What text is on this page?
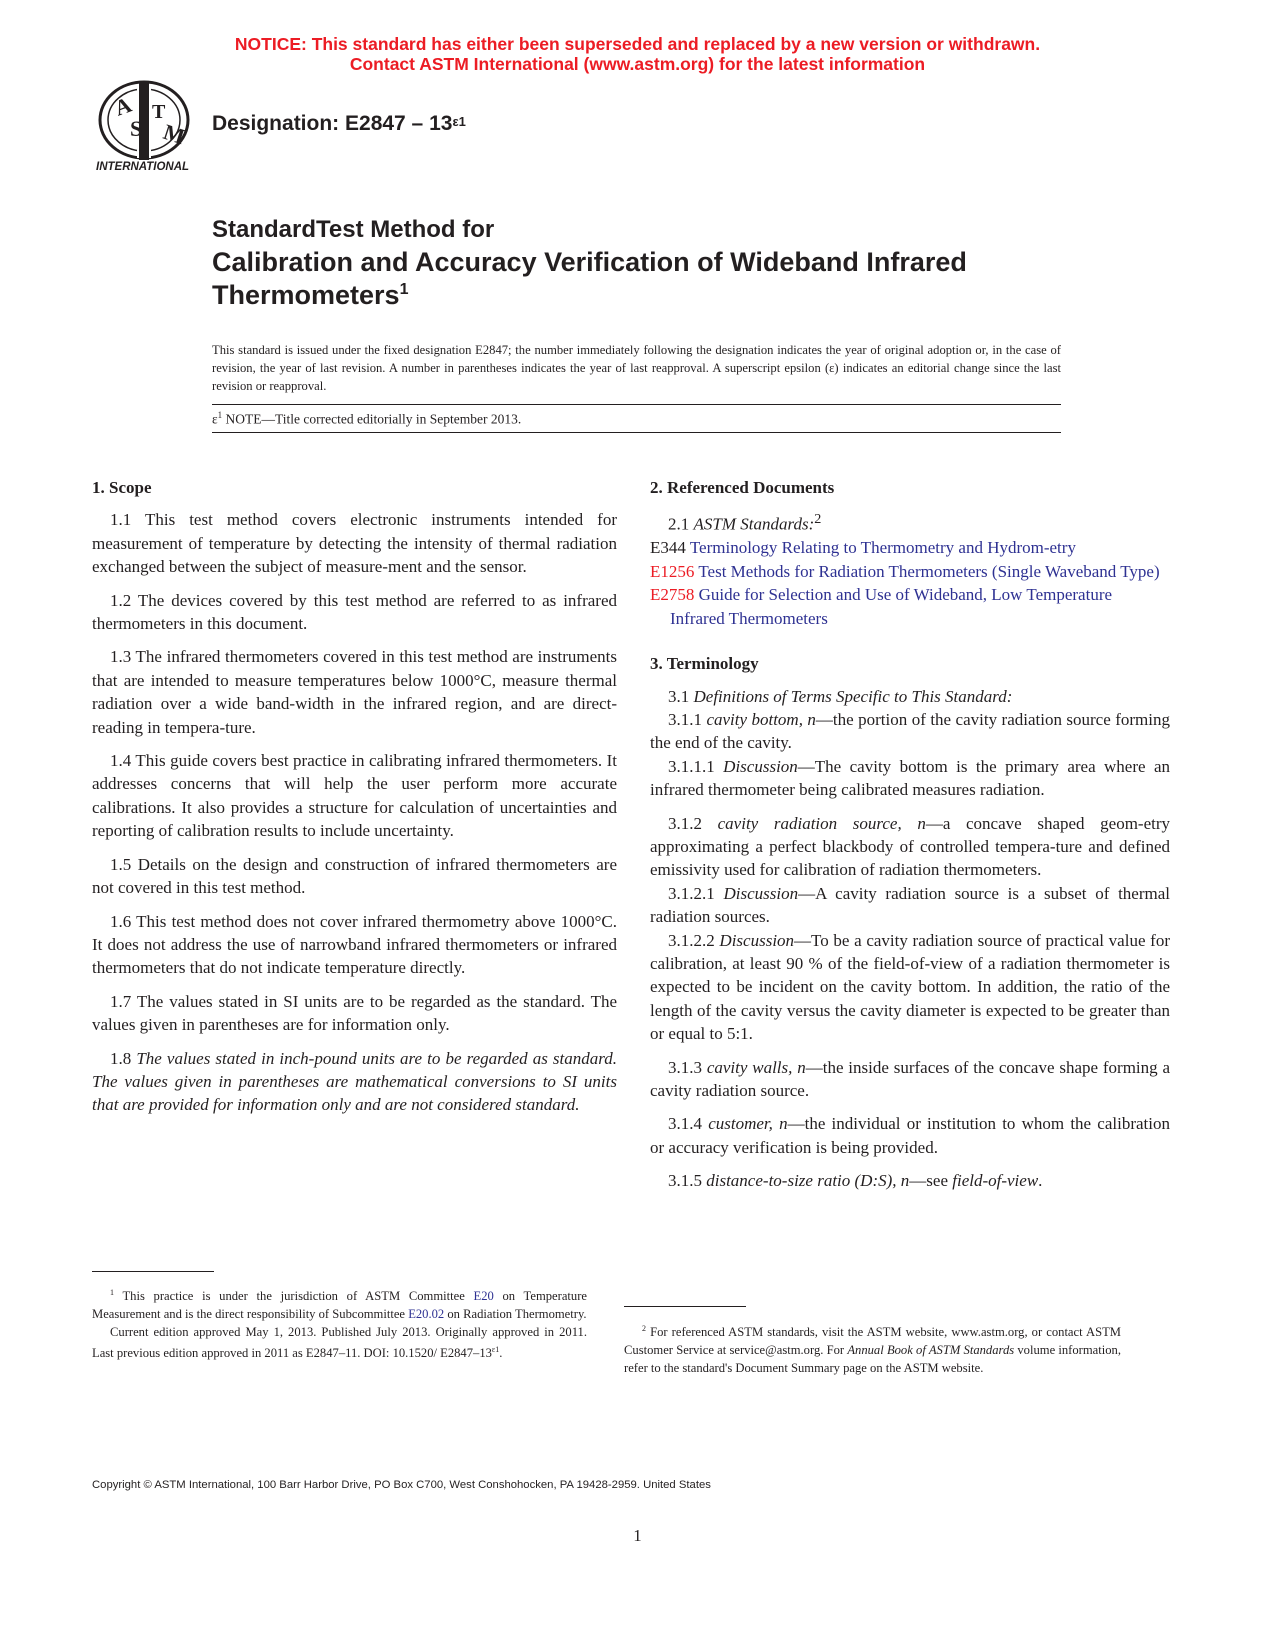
NOTICE: This standard has either been superseded and replaced by a new version or withdrawn.
Contact ASTM International (www.astm.org) for the latest information
A
S
T
M
INTERNATIONAL
Designation: $E2847 - 13^{\varepsilon 1}$
StandardTest Method for
Calibration and Accuracy Verification of Wideband Infrared
Thermometers$^1$
This standard is issued under the fixed designation E2847; the number immediately following the designation indicates the year of original adoption or, in the case of revision, the year of last revision. A number in parentheses indicates the year of last reapproval. A superscript epsilon (ε) indicates an editorial change since the last revision or reapproval.
$\varepsilon^1$ NOTE—Title corrected editorially in September 2013.

1. Scope

1.1 This test method covers electronic instruments intended for measurement of temperature by detecting the intensity of thermal radiation exchanged between the subject of measure-ment and the sensor.

1.2 The devices covered by this test method are referred to as infrared thermometers in this document.

1.3 The infrared thermometers covered in this test method are instruments that are intended to measure temperatures below 1000°C, measure thermal radiation over a wide band-width in the infrared region, and are direct-reading in tempera-ture.

1.4 This guide covers best practice in calibrating infrared thermometers. It addresses concerns that will help the user perform more accurate calibrations. It also provides a structure for calculation of uncertainties and reporting of calibration results to include uncertainty.

1.5 Details on the design and construction of infrared thermometers are not covered in this test method.

1.6 This test method does not cover infrared thermometry above 1000°C. It does not address the use of narrowband infrared thermometers or infrared thermometers that do not indicate temperature directly.

1.7 The values stated in SI units are to be regarded as the standard. The values given in parentheses are for information only.

1.8 The values stated in inch-pound units are to be regarded as standard. The values given in parentheses are mathematical conversions to SI units that are provided for information only and are not considered standard.

2. Referenced Documents

2.1 ASTM Standards:$^2$

E344 Terminology Relating to Thermometry and Hydrom-etry

E1256 Test Methods for Radiation Thermometers (Single Waveband Type)

E2758 Guide for Selection and Use of Wideband, Low Temperature Infrared Thermometers

3. Terminology

3.1 Definitions of Terms Specific to This Standard:

3.1.1 cavity bottom, n—the portion of the cavity radiation source forming the end of the cavity.

3.1.1.1 Discussion—The cavity bottom is the primary area where an infrared thermometer being calibrated measures radiation.

3.1.2 cavity radiation source, n—a concave shaped geom-etry approximating a perfect blackbody of controlled tempera-ture and defined emissivity used for calibration of radiation thermometers.

3.1.2.1 Discussion—A cavity radiation source is a subset of thermal radiation sources.

3.1.2.2 Discussion—To be a cavity radiation source of practical value for calibration, at least 90 % of the field-of-view of a radiation thermometer is expected to be incident on the cavity bottom. In addition, the ratio of the length of the cavity versus the cavity diameter is expected to be greater than or equal to 5:1.

3.1.3 cavity walls, n—the inside surfaces of the concave shape forming a cavity radiation source.

3.1.4 customer, n—the individual or institution to whom the calibration or accuracy verification is being provided.

3.1.5 distance-to-size ratio (D:S), n—see field-of-view.

$^1$ This practice is under the jurisdiction of ASTM Committee E20 on Temperature Measurement and is the direct responsibility of Subcommittee E20.02 on Radiation Thermometry.

Current edition approved May 1, 2013. Published July 2013. Originally approved in 2011. Last previous edition approved in 2011 as E2847–11. DOI: 10.1520/ $E2847-13^{\varepsilon 1}$.

$^2$ For referenced ASTM standards, visit the ASTM website, www.astm.org, or contact ASTM Customer Service at service@astm.org. For Annual Book of ASTM Standards volume information, refer to the standard's Document Summary page on the ASTM website.

Copyright © ASTM International, 100 Barr Harbor Drive, PO Box C700, West Conshohocken, PA 19428-2959. United States
1
